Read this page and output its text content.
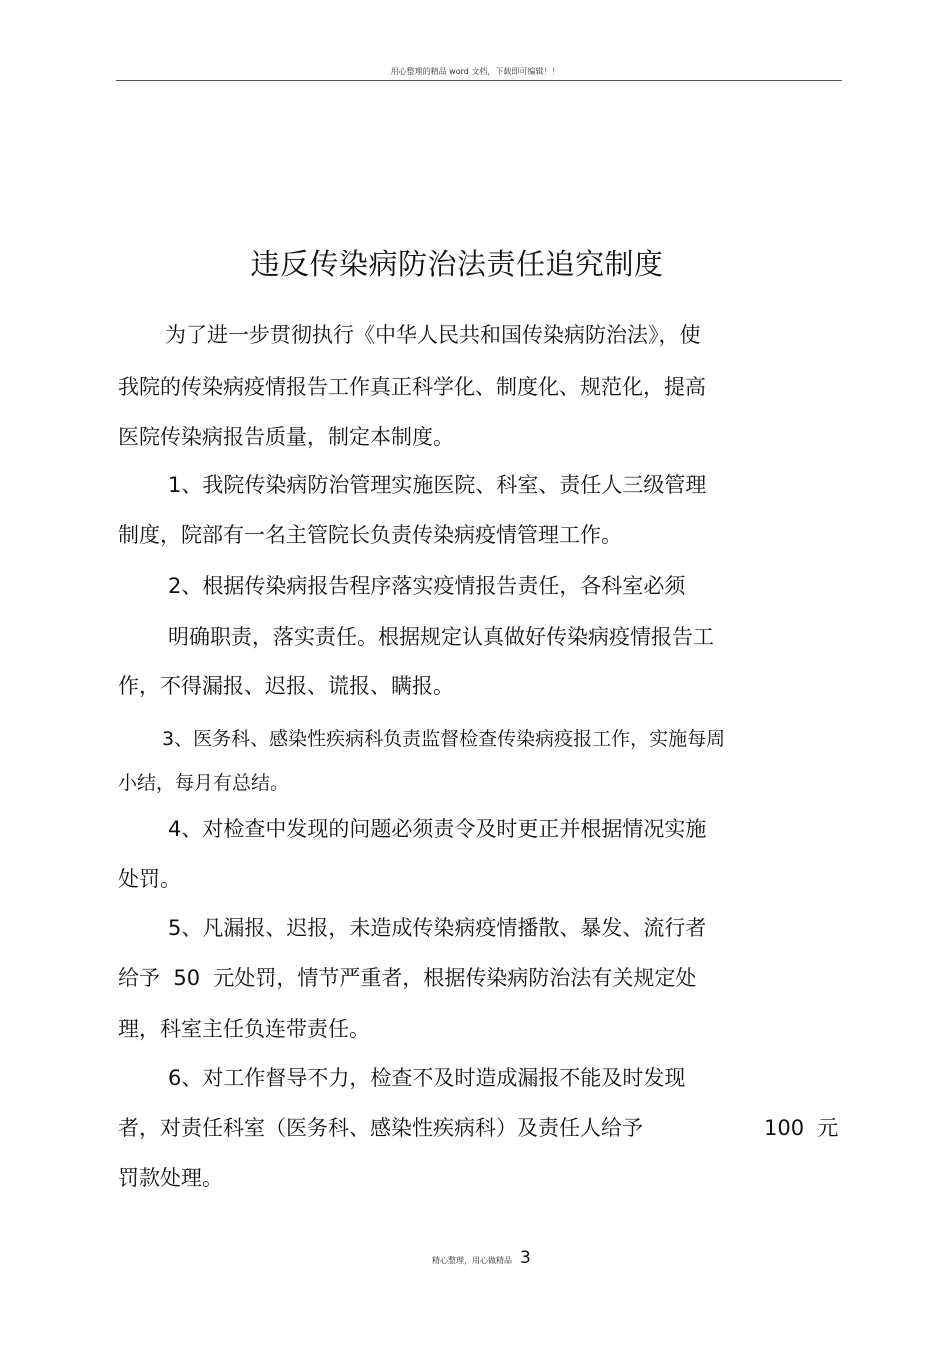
用心整理的精品 word 文档，下载即可编辑！！
违反传染病防治法责任追究制度
为了进一步贯彻执行《中华人民共和国传染病防治法》，使
我院的传染病疫情报告工作真正科学化、制度化、规范化，提高
医院传染病报告质量，制定本制度。
1、我院传染病防治管理实施医院、科室、责任人三级管理
制度，院部有一名主管院长负责传染病疫情管理工作。
2、根据传染病报告程序落实疫情报告责任，各科室必须
明确职责，落实责任。根据规定认真做好传染病疫情报告工
作，不得漏报、迟报、谎报、瞒报。
3、医务科、感染性疾病科负责监督检查传染病疫报工作，实施每周
小结，每月有总结。
4、对检查中发现的问题必须责令及时更正并根据情况实施
处罚。
5、凡漏报、迟报，未造成传染病疫情播散、暴发、流行者
给予  50  元处罚，情节严重者，根据传染病防治法有关规定处
理，科室主任负连带责任。
6、对工作督导不力，检查不及时造成漏报不能及时发现
者，对责任科室（医务科、感染性疾病科）及责任人给予	100  元
罚款处理。
精心整理，用心做精品 3
